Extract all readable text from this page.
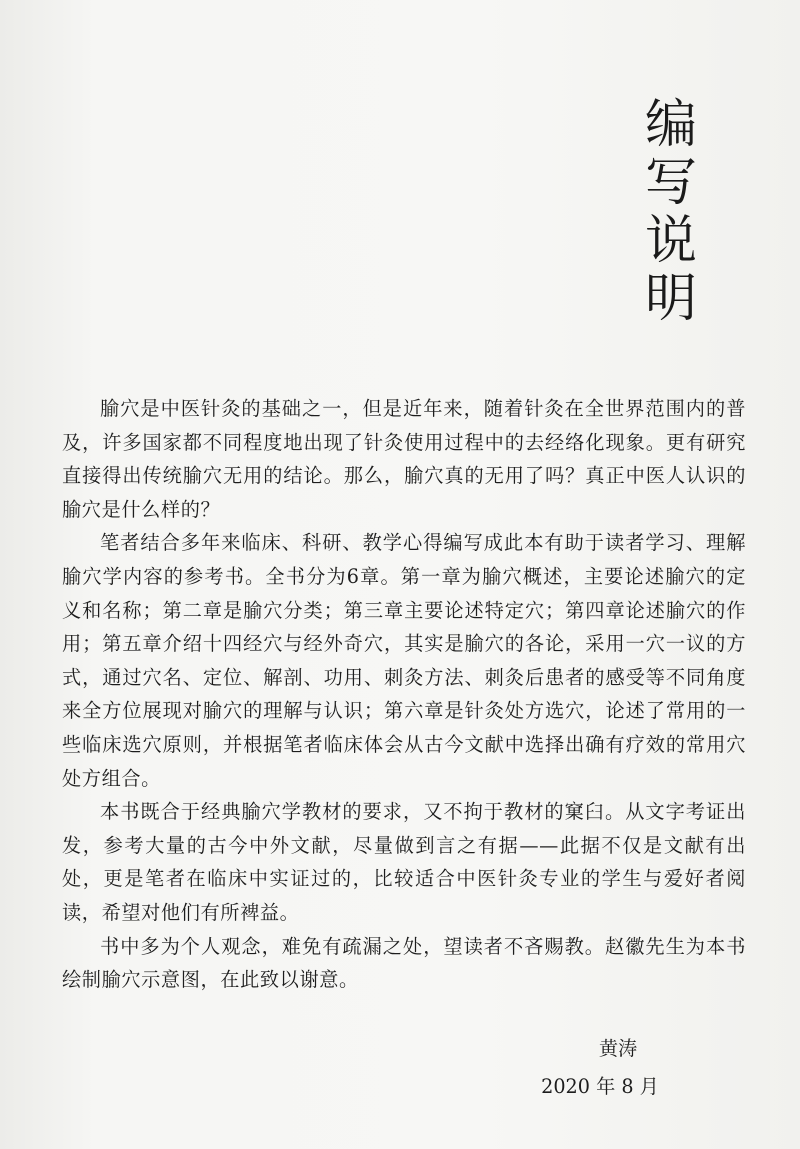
编写说明

腧穴是中医针灸的基础之一，但是近年来，随着针灸在全世界范围内的普及，许多国家都不同程度地出现了针灸使用过程中的去经络化现象。更有研究直接得出传统腧穴无用的结论。那么，腧穴真的无用了吗？真正中医人认识的腧穴是什么样的？

笔者结合多年来临床、科研、教学心得编写成此本有助于读者学习、理解腧穴学内容的参考书。全书分为6章。第一章为腧穴概述，主要论述腧穴的定义和名称；第二章是腧穴分类；第三章主要论述特定穴；第四章论述腧穴的作用；第五章介绍十四经穴与经外奇穴，其实是腧穴的各论，采用一穴一议的方式，通过穴名、定位、解剖、功用、刺灸方法、刺灸后患者的感受等不同角度来全方位展现对腧穴的理解与认识；第六章是针灸处方选穴，论述了常用的一些临床选穴原则，并根据笔者临床体会从古今文献中选择出确有疗效的常用穴处方组合。

本书既合于经典腧穴学教材的要求，又不拘于教材的窠臼。从文字考证出发，参考大量的古今中外文献，尽量做到言之有据——此据不仅是文献有出处，更是笔者在临床中实证过的，比较适合中医针灸专业的学生与爱好者阅读，希望对他们有所裨益。

书中多为个人观念，难免有疏漏之处，望读者不吝赐教。赵徽先生为本书绘制腧穴示意图，在此致以谢意。

黄涛
2020 年 8 月
